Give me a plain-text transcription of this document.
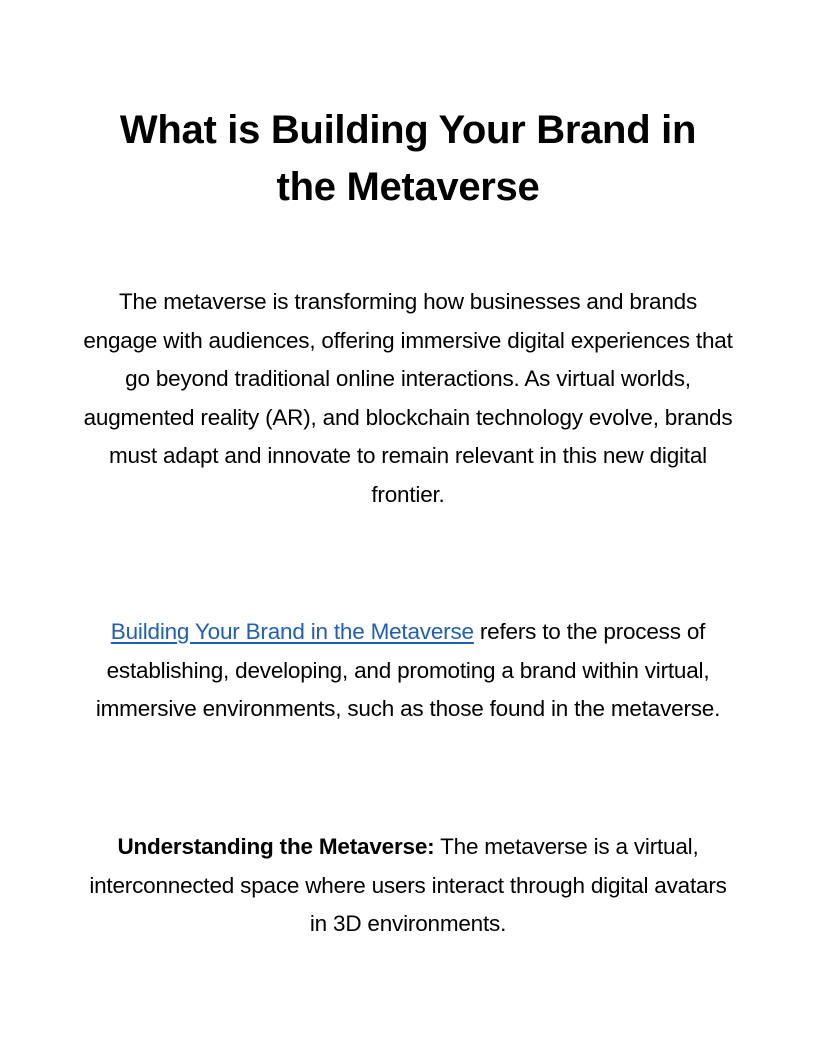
What is Building Your Brand in the Metaverse

The metaverse is transforming how businesses and brands engage with audiences, offering immersive digital experiences that go beyond traditional online interactions. As virtual worlds, augmented reality (AR), and blockchain technology evolve, brands must adapt and innovate to remain relevant in this new digital frontier.

Building Your Brand in the Metaverse refers to the process of establishing, developing, and promoting a brand within virtual, immersive environments, such as those found in the metaverse.

Understanding the Metaverse: The metaverse is a virtual, interconnected space where users interact through digital avatars in 3D environments.
